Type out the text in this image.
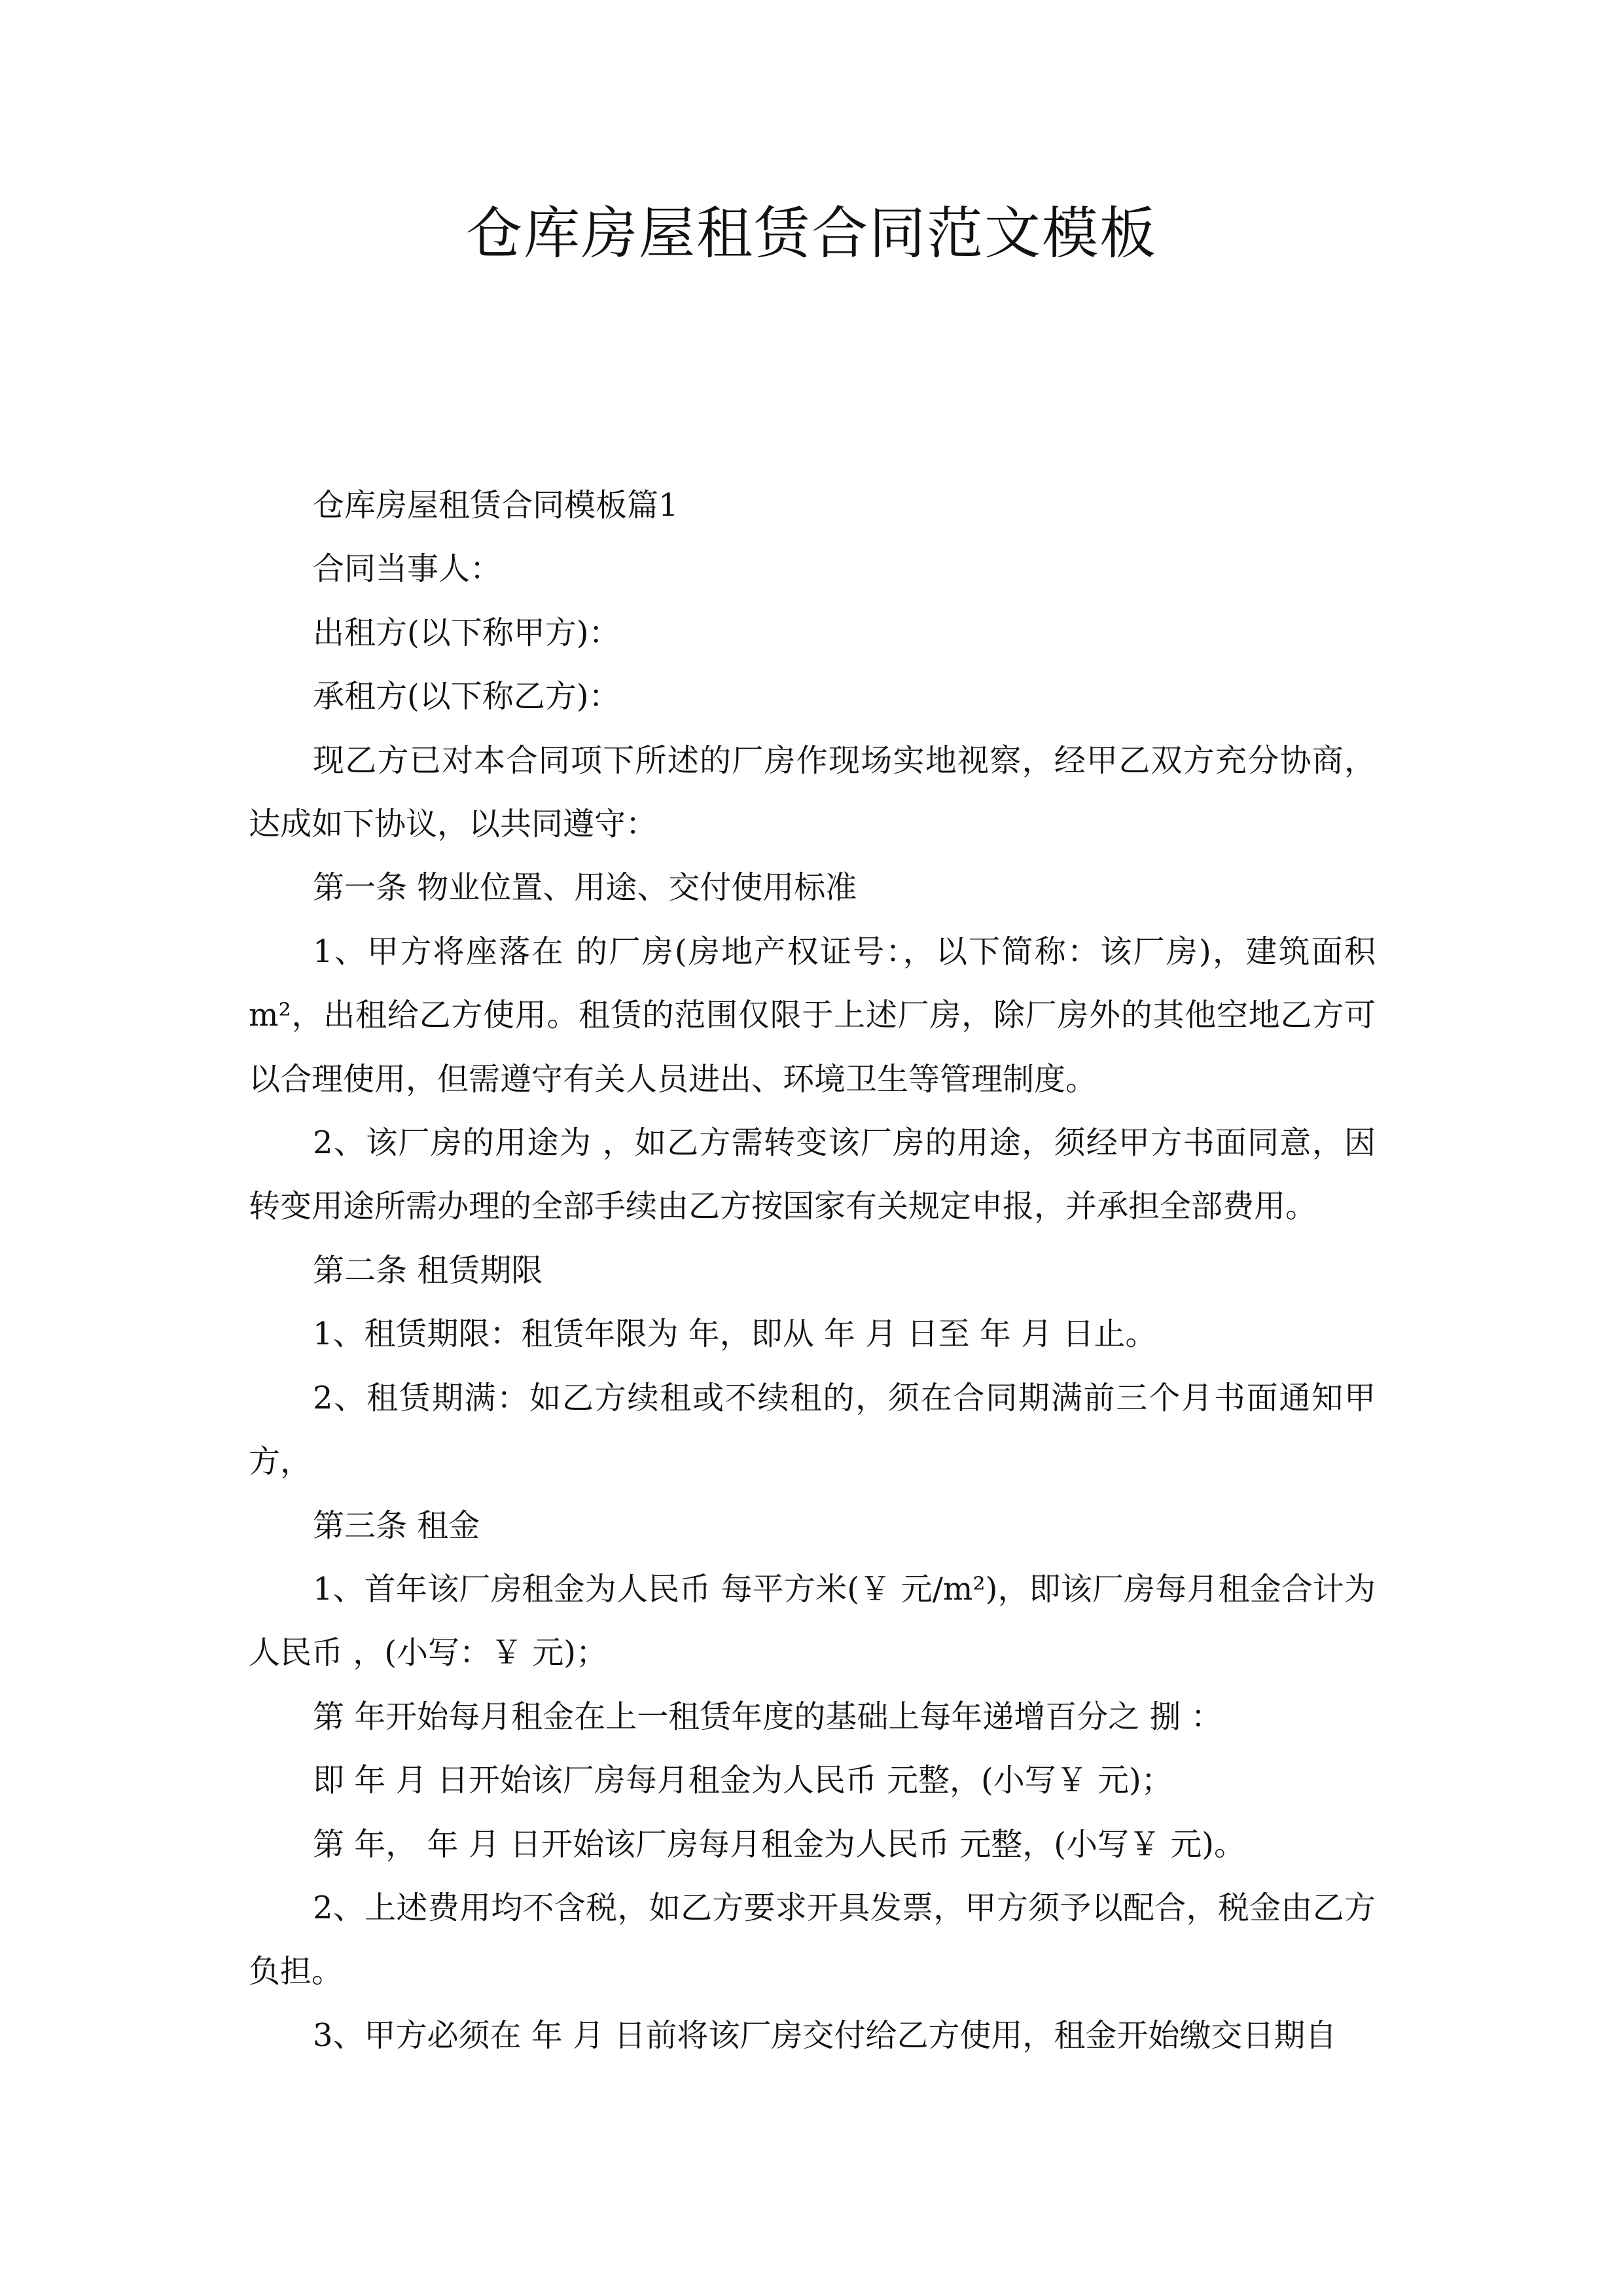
仓库房屋租赁合同范文模板

仓库房屋租赁合同模板篇1

合同当事人：

出租方(以下称甲方)：

承租方(以下称乙方)：

现乙方已对本合同项下所述的厂房作现场实地视察，经甲乙双方充分协商，达成如下协议，以共同遵守：

第一条 物业位置、用途、交付使用标准

1、甲方将座落在 的厂房(房地产权证号：，以下简称：该厂房)，建筑面积 m²，出租给乙方使用。租赁的范围仅限于上述厂房，除厂房外的其他空地乙方可以合理使用，但需遵守有关人员进出、环境卫生等管理制度。

2、该厂房的用途为 ，如乙方需转变该厂房的用途，须经甲方书面同意，因转变用途所需办理的全部手续由乙方按国家有关规定申报，并承担全部费用。

第二条 租赁期限

1、租赁期限：租赁年限为 年，即从 年 月 日至 年 月 日止。

2、租赁期满：如乙方续租或不续租的，须在合同期满前三个月书面通知甲方，

第三条 租金

1、首年该厂房租金为人民币 每平方米(￥ 元/m²)，即该厂房每月租金合计为人民币 ，(小写：￥ 元)；

第 年开始每月租金在上一租赁年度的基础上每年递增百分之 捌 ：

即 年 月 日开始该厂房每月租金为人民币 元整，(小写￥ 元)；

第 年， 年 月 日开始该厂房每月租金为人民币 元整，(小写￥ 元)。

2、上述费用均不含税，如乙方要求开具发票，甲方须予以配合，税金由乙方负担。

3、甲方必须在 年 月 日前将该厂房交付给乙方使用，租金开始缴交日期自
